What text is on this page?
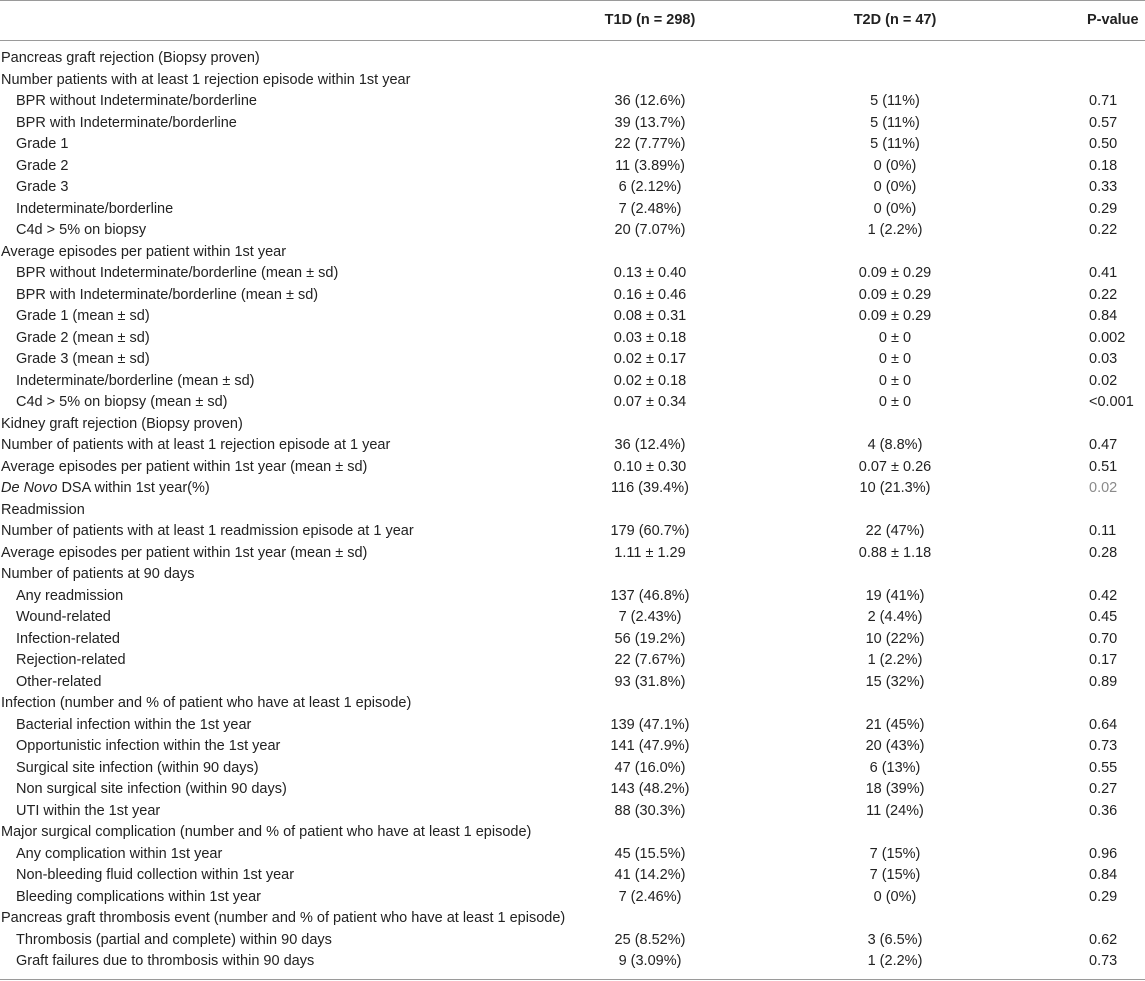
T1D (n = 298)	T2D (n = 47)	P-value
Pancreas graft rejection (Biopsy proven)
Number patients with at least 1 rejection episode within 1st year
BPR without Indeterminate/borderline	36 (12.6%)	5 (11%)	0.71
BPR with Indeterminate/borderline	39 (13.7%)	5 (11%)	0.57
Grade 1	22 (7.77%)	5 (11%)	0.50
Grade 2	11 (3.89%)	0 (0%)	0.18
Grade 3	6 (2.12%)	0 (0%)	0.33
Indeterminate/borderline	7 (2.48%)	0 (0%)	0.29
C4d > 5% on biopsy	20 (7.07%)	1 (2.2%)	0.22
Average episodes per patient within 1st year
BPR without Indeterminate/borderline (mean ± sd)	0.13 ± 0.40	0.09 ± 0.29	0.41
BPR with Indeterminate/borderline (mean ± sd)	0.16 ± 0.46	0.09 ± 0.29	0.22
Grade 1 (mean ± sd)	0.08 ± 0.31	0.09 ± 0.29	0.84
Grade 2 (mean ± sd)	0.03 ± 0.18	0 ± 0	0.002
Grade 3 (mean ± sd)	0.02 ± 0.17	0 ± 0	0.03
Indeterminate/borderline (mean ± sd)	0.02 ± 0.18	0 ± 0	0.02
C4d > 5% on biopsy (mean ± sd)	0.07 ± 0.34	0 ± 0	<0.001
Kidney graft rejection (Biopsy proven)
Number of patients with at least 1 rejection episode at 1 year	36 (12.4%)	4 (8.8%)	0.47
Average episodes per patient within 1st year (mean ± sd)	0.10 ± 0.30	0.07 ± 0.26	0.51
De Novo DSA within 1st year(%)	116 (39.4%)	10 (21.3%)	0.02
Readmission
Number of patients with at least 1 readmission episode at 1 year	179 (60.7%)	22 (47%)	0.11
Average episodes per patient within 1st year (mean ± sd)	1.11 ± 1.29	0.88 ± 1.18	0.28
Number of patients at 90 days
Any readmission	137 (46.8%)	19 (41%)	0.42
Wound-related	7 (2.43%)	2 (4.4%)	0.45
Infection-related	56 (19.2%)	10 (22%)	0.70
Rejection-related	22 (7.67%)	1 (2.2%)	0.17
Other-related	93 (31.8%)	15 (32%)	0.89
Infection (number and % of patient who have at least 1 episode)
Bacterial infection within the 1st year	139 (47.1%)	21 (45%)	0.64
Opportunistic infection within the 1st year	141 (47.9%)	20 (43%)	0.73
Surgical site infection (within 90 days)	47 (16.0%)	6 (13%)	0.55
Non surgical site infection (within 90 days)	143 (48.2%)	18 (39%)	0.27
UTI within the 1st year	88 (30.3%)	11 (24%)	0.36
Major surgical complication (number and % of patient who have at least 1 episode)
Any complication within 1st year	45 (15.5%)	7 (15%)	0.96
Non-bleeding fluid collection within 1st year	41 (14.2%)	7 (15%)	0.84
Bleeding complications within 1st year	7 (2.46%)	0 (0%)	0.29
Pancreas graft thrombosis event (number and % of patient who have at least 1 episode)
Thrombosis (partial and complete) within 90 days	25 (8.52%)	3 (6.5%)	0.62
Graft failures due to thrombosis within 90 days	9 (3.09%)	1 (2.2%)	0.73
